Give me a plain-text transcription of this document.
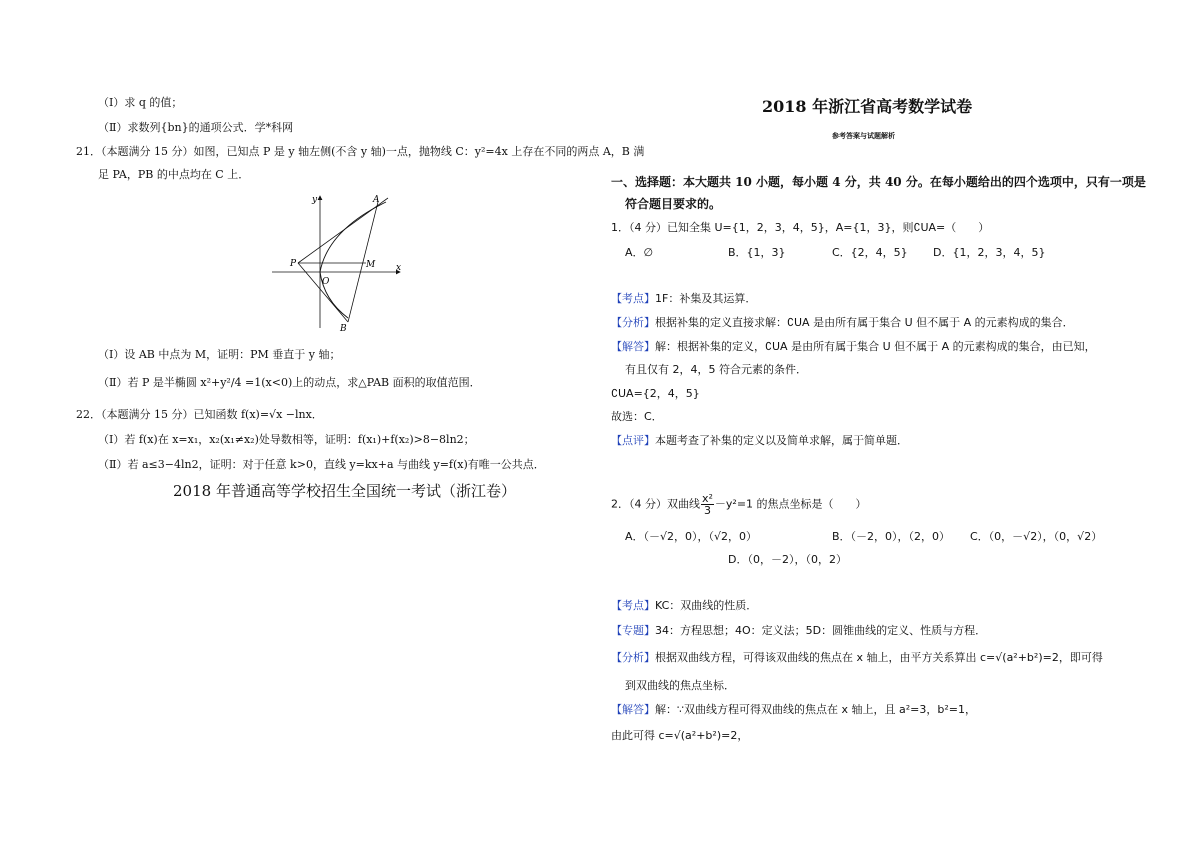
（Ⅰ）求 q 的值；
（Ⅱ）求数列{bn}的通项公式．学*科网
21．（本题满分 15 分）如图，已知点 P 是 y 轴左侧(不含 y 轴)一点，抛物线 C：y²=4x 上存在不同的两点 A，B 满
足 PA，PB 的中点均在 C 上．
y	A
P	M x
O
B
（Ⅰ）设 AB 中点为 M，证明：PM 垂直于 y 轴；
（Ⅱ）若 P 是半椭圆 x²+y²/4 =1(x<0)上的动点，求△PAB 面积的取值范围．
22．（本题满分 15 分）已知函数 f(x)=√x −lnx．
（Ⅰ）若 f(x)在 x=x₁，x₂(x₁≠x₂)处导数相等，证明：f(x₁)+f(x₂)>8−8ln2；
（Ⅱ）若 a≤3−4ln2，证明：对于任意 k>0，直线 y=kx+a 与曲线 y=f(x)有唯一公共点．
2018 年普通高等学校招生全国统一考试（浙江卷）
2018 年浙江省高考数学试卷
参考答案与试题解析
一、选择题：本大题共 10 小题，每小题 4 分，共 40 分。在每小题给出的四个选项中，只有一项是
符合题目要求的。
1．（4 分）已知全集 U={1，2，3，4，5}，A={1，3}，则∁UA=（　　）
A．∅	B．{1，3}	C．{2，4，5} D．{1，2，3，4，5}
【考点】1F：补集及其运算．
【分析】根据补集的定义直接求解：∁UA 是由所有属于集合 U 但不属于 A 的元素构成的集合．
【解答】解：根据补集的定义，∁UA 是由所有属于集合 U 但不属于 A 的元素构成的集合，由已知，
有且仅有 2，4，5 符合元素的条件．
∁UA={2，4，5}
故选：C．
【点评】本题考查了补集的定义以及简单求解，属于简单题．
2．（4 分）双曲线 $\frac{\text{x²}}{3} -y^2=1$ 的焦点坐标是（　　）
A．（－√2，0），（√2，0）	B．（－2，0），（2，0） C．（0，－√2），（0，√2）
D．（0，－2），（0，2）
【考点】KC：双曲线的性质．
【专题】34：方程思想；4O：定义法；5D：圆锥曲线的定义、性质与方程．
【分析】根据双曲线方程，可得该双曲线的焦点在 x 轴上，由平方关系算出 c=√(a²+b²)=2，即可得
到双曲线的焦点坐标．
【解答】解：∵双曲线方程可得双曲线的焦点在 x 轴上，且 a²=3，b²=1，
由此可得 c=√(a²+b²)=2，
